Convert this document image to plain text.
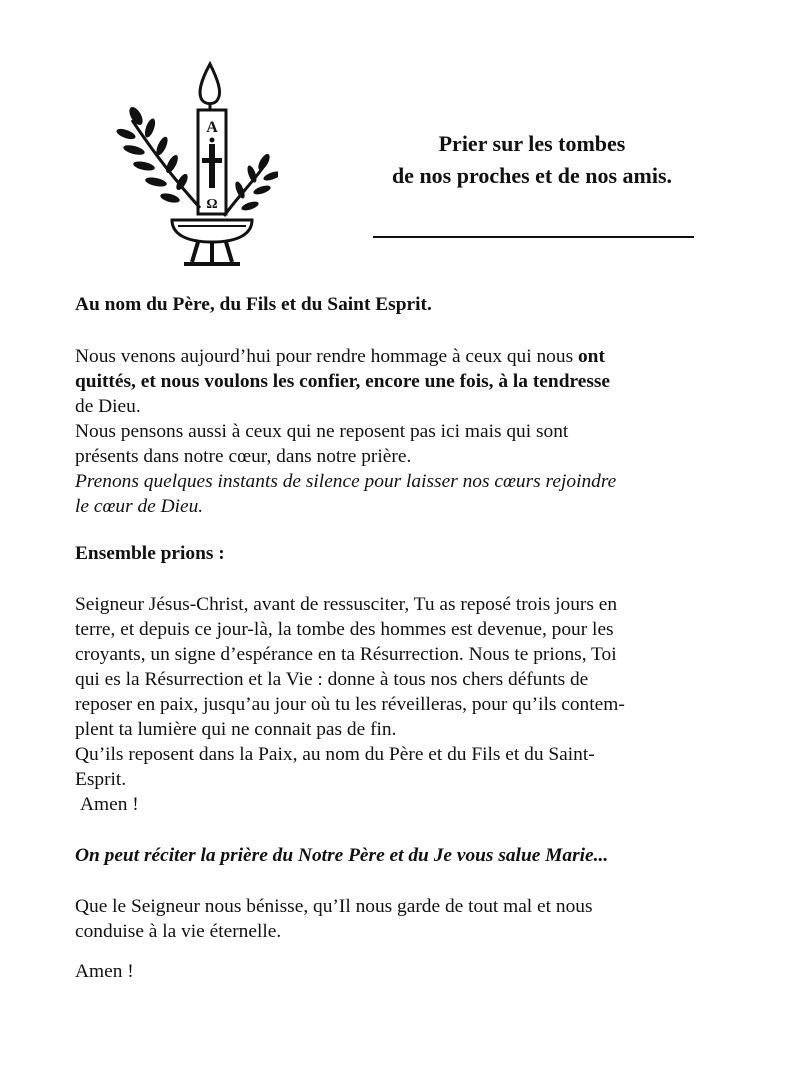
A
Ω
Prier sur les tombes
de nos proches et de nos amis.

Au nom du Père, du Fils et du Saint Esprit.

Nous venons aujourd’hui pour rendre hommage à ceux qui nous ont

quittés, et nous voulons les confier, encore une fois, à la tendresse

de Dieu.

Nous pensons aussi à ceux qui ne reposent pas ici mais qui sont

présents dans notre cœur, dans notre prière.

Prenons quelques instants de silence pour laisser nos cœurs rejoindre

le cœur de Dieu.

Ensemble prions :

Seigneur Jésus-Christ, avant de ressusciter, Tu as reposé trois jours en

terre, et depuis ce jour-là, la tombe des hommes est devenue, pour les

croyants, un signe d’espérance en ta Résurrection. Nous te prions, Toi

qui es la Résurrection et la Vie : donne à tous nos chers défunts de

reposer en paix, jusqu’au jour où tu les réveilleras, pour qu’ils contem-

plent ta lumière qui ne connait pas de fin.

Qu’ils reposent dans la Paix, au nom du Père et du Fils et du Saint-

Esprit.

Amen !

On peut réciter la prière du Notre Père et du Je vous salue Marie...

Que le Seigneur nous bénisse, qu’Il nous garde de tout mal et nous

conduise à la vie éternelle.

Amen !
